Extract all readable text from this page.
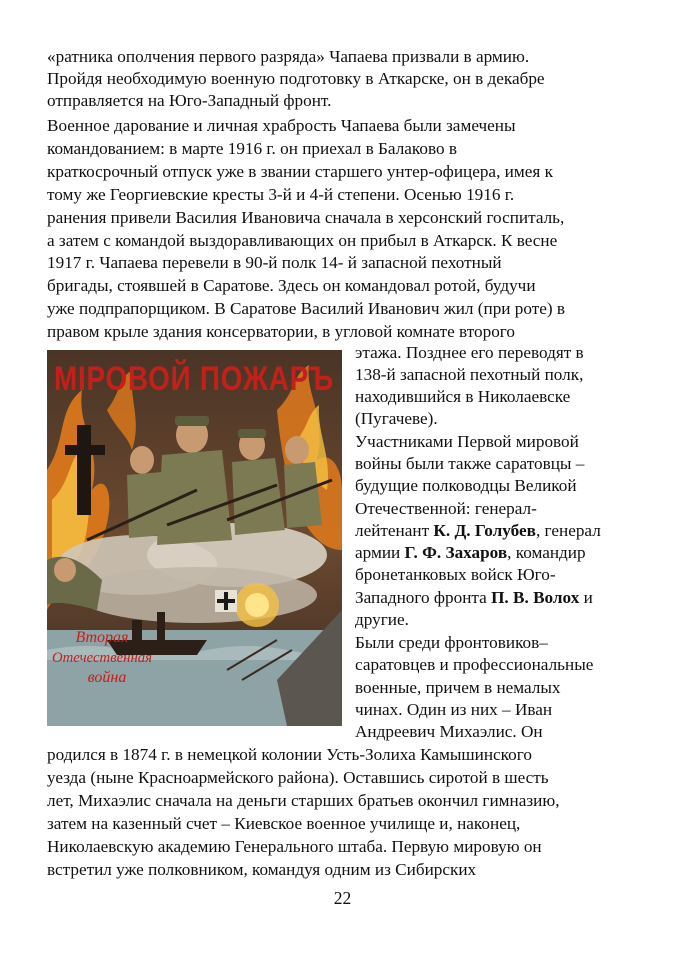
«ратника ополчения первого разряда» Чапаева призвали в армию.
Пройдя необходимую военную подготовку в Аткарске, он в декабре
отправляется на Юго-Западный фронт.
Военное дарование и личная храбрость Чапаева были замечены
командованием: в марте 1916 г. он приехал в Балаково в
краткосрочный отпуск уже в звании старшего унтер-офицера, имея к
тому же Георгиевские кресты 3-й и 4-й степени. Осенью 1916 г.
ранения привели Василия Ивановича сначала в херсонский госпиталь,
а затем с командой выздоравливающих он прибыл в Аткарск. К весне
1917 г. Чапаева перевели в 90-й полк 14- й запасной пехотный
бригады, стоявшей в Саратове. Здесь он командовал ротой, будучи
уже подпрапорщиком. В Саратове Василий Иванович жил (при роте) в
правом крыле здания консерватории, в угловой комнате второго
МIРОВОЙ ПОЖАРЪ
Вторая
Отечественная
война
этажа. Позднее его переводят в
138-й запасной пехотный полк,
находившийся в Николаевске
(Пугачеве).
Участниками Первой мировой
войны были также саратовцы –
будущие полководцы Великой
Отечественной: генерал-
лейтенант К. Д. Голубев, генерал
армии Г. Ф. Захаров, командир
бронетанковых войск Юго-
Западного фронта П. В. Волох и
другие.
Были среди фронтовиков–
саратовцев и профессиональные
военные, причем в немалых
чинах. Один из них – Иван
Андреевич Михаэлис. Он
родился в 1874 г. в немецкой колонии Усть-Золиха Камышинского
уезда (ныне Красноармейского района). Оставшись сиротой в шесть
лет, Михаэлис сначала на деньги старших братьев окончил гимназию,
затем на казенный счет – Киевское военное училище и, наконец,
Николаевскую академию Генерального штаба. Первую мировую он
встретил уже полковником, командуя одним из Сибирских
22
